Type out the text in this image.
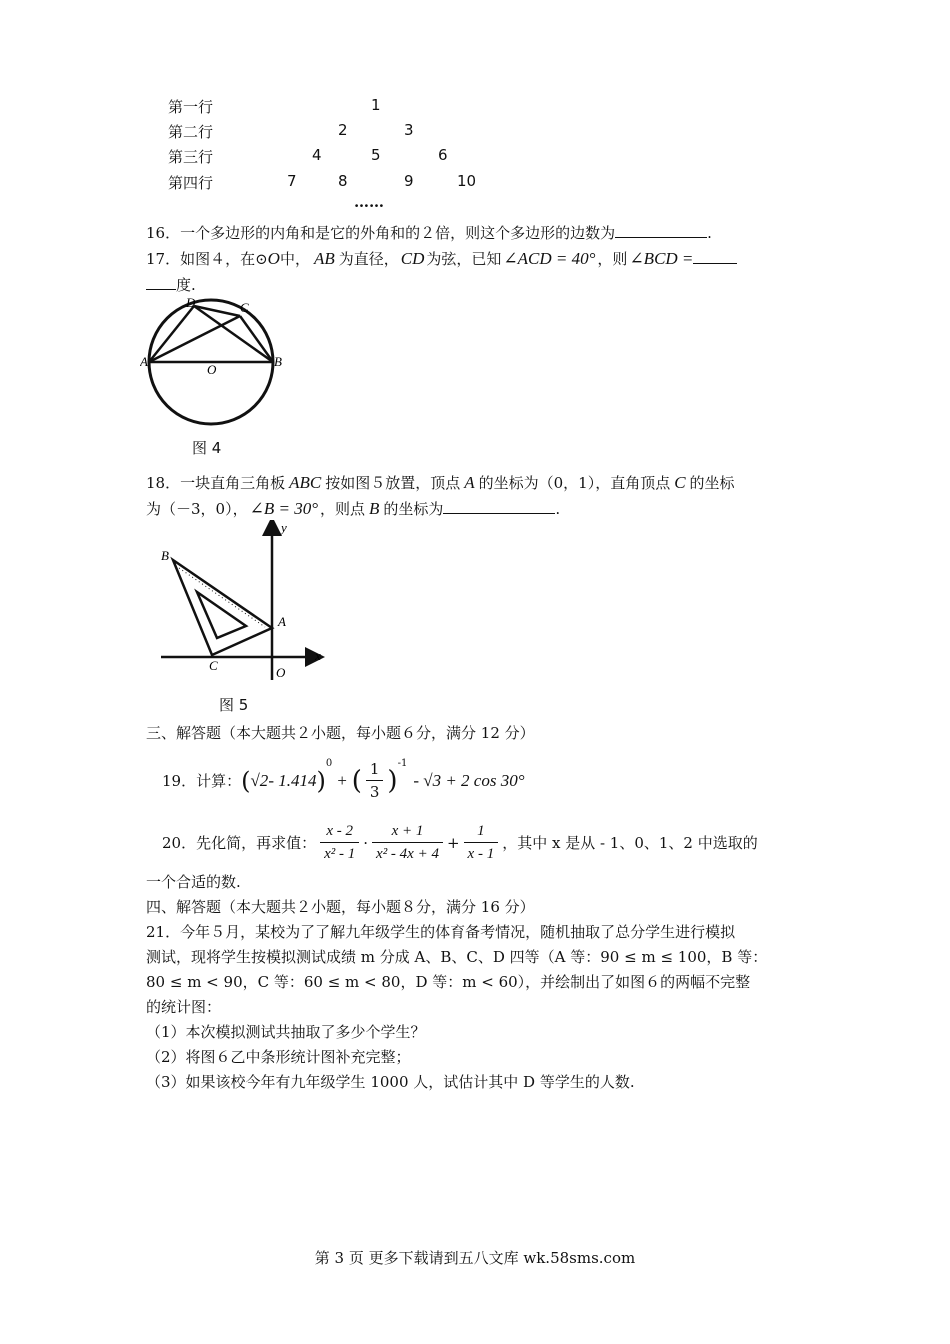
第一行	1
第二行	2	3
第三行	4	5	6
第四行	7	8	9	10
……
16．一个多边形的内角和是它的外角和的２倍，则这个多边形的边数为	.
17．如图４，在⊙O中， AB 为直径， CD 为弦，已知 ∠ACD = 40° ，则 ∠BCD =
度.
A	B
C
D
O
图 4
18．一块直角三角板 ABC 按如图５放置，顶点 A 的坐标为（0，1），直角顶点 C 的坐标
为（－3，0）， ∠B = 30° ，则点 B 的坐标为	.
B
A
C	O
x
y
图 5
三、解答题（本大题共２小题，每小题６分，满分 12 分）
19．计算： ( √2 - 1.414 )
$^0$
+ ( $\frac{1}{3}$ )
$^{-1}$
- √3 + 2 cos 30°
20．先化简，再求值： $\frac{x - 2}{\text{x² - 1}} \cdot \frac{x + 1}{\text{x² - 4x + 4}} + \frac{1}{x - 1}$ ，其中 x 是从 - 1、0、1、2 中选取的
一个合适的数.
四、解答题（本大题共２小题，每小题８分，满分 16 分）
21．今年５月，某校为了了解九年级学生的体育备考情况，随机抽取了总分学生进行模拟
测试，现将学生按模拟测试成绩 m 分成 A、B、C、D 四等（A 等：90 ≤ m ≤ 100，B 等：
80 ≤ m < 90，C 等：60 ≤ m < 80，D 等：m < 60），并绘制出了如图６的两幅不完整
的统计图：
（1）本次模拟测试共抽取了多少个学生？
（2）将图６乙中条形统计图补充完整；
（3）如果该校今年有九年级学生 1000 人，试估计其中 D 等学生的人数.
第 3 页 更多下载请到五八文库 wk.58sms.com
